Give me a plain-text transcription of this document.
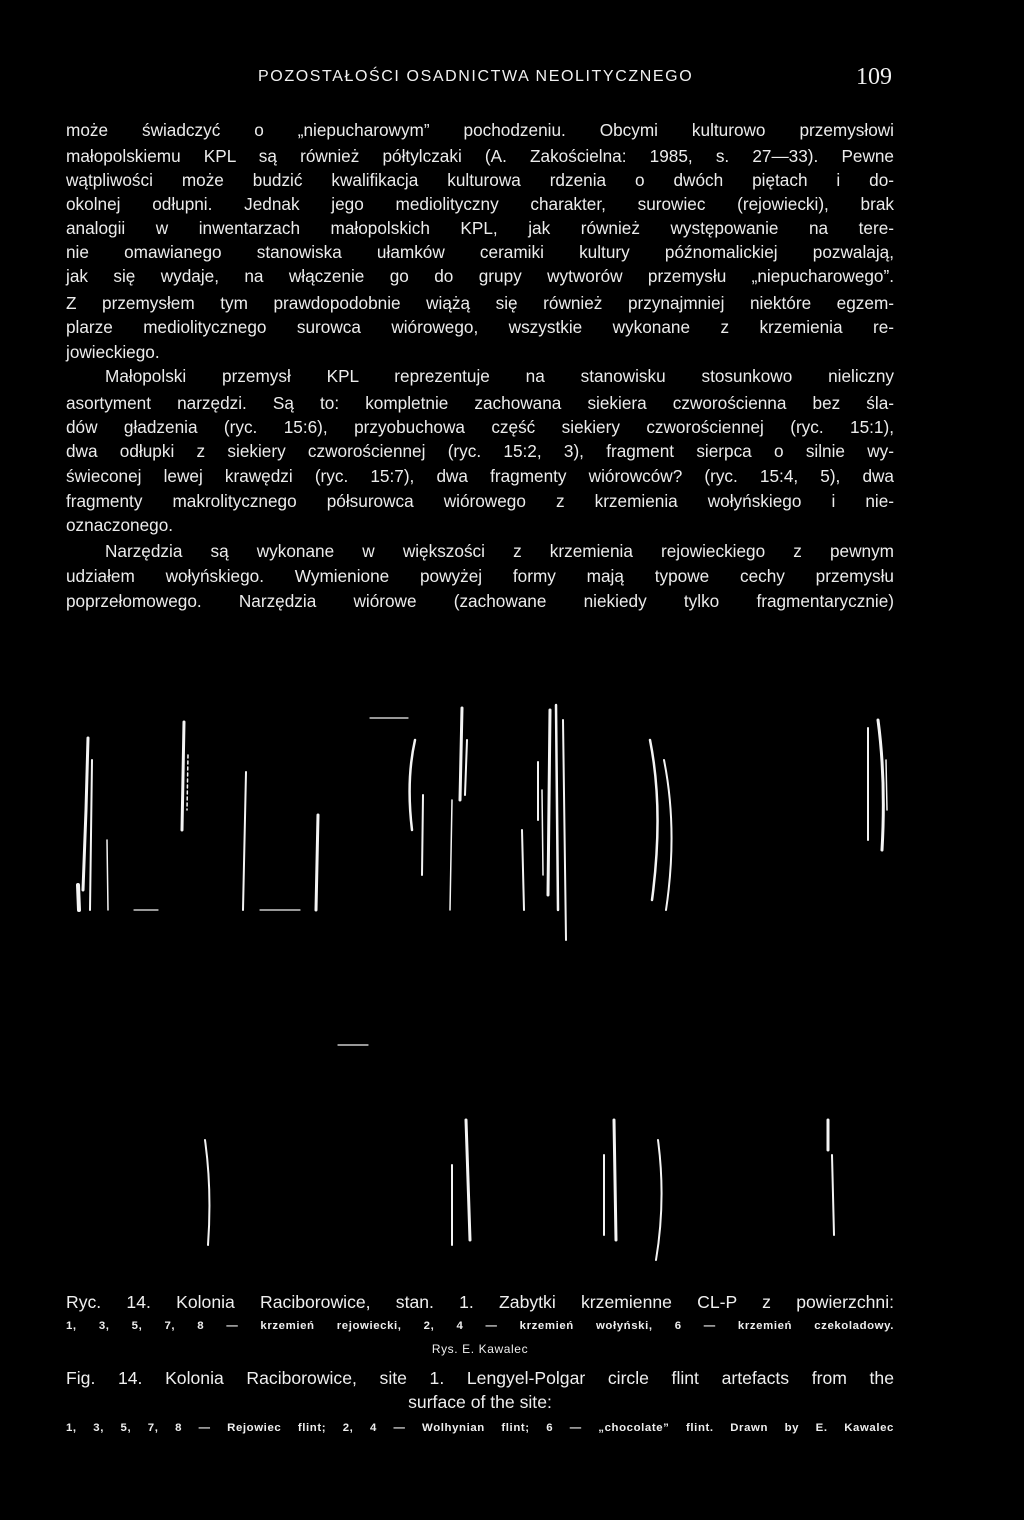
POZOSTAŁOŚCI OSADNICTWA NEOLITYCZNEGO	109

może świadczyć o „niepucharowym” pochodzeniu. Obcymi kulturowo przemysłowi

małopolskiemu KPL są również półtylczaki (A. Zakościelna: 1985, s. 27—33). Pewne

wątpliwości może budzić kwalifikacja kulturowa rdzenia o dwóch piętach i do-

okolnej odłupni. Jednak jego mediolityczny charakter, surowiec (rejowiecki), brak

analogii w inwentarzach małopolskich KPL, jak również występowanie na tere-

nie omawianego stanowiska ułamków ceramiki kultury późnomalickiej pozwalają,

jak się wydaje, na włączenie go do grupy wytworów przemysłu „niepucharowego”.

Z przemysłem tym prawdopodobnie wiążą się również przynajmniej niektóre egzem-

plarze mediolitycznego surowca wiórowego, wszystkie wykonane z krzemienia re-

jowieckiego.

Małopolski przemysł KPL reprezentuje na stanowisku stosunkowo nieliczny

asortyment narzędzi. Są to: kompletnie zachowana siekiera czworościenna bez śla-

dów gładzenia (ryc. 15:6), przyobuchowa część siekiery czworościennej (ryc. 15:1),

dwa odłupki z siekiery czworościennej (ryc. 15:2, 3), fragment sierpca o silnie wy-

świeconej lewej krawędzi (ryc. 15:7), dwa fragmenty wiórowców? (ryc. 15:4, 5), dwa

fragmenty makrolitycznego półsurowca wiórowego z krzemienia wołyńskiego i nie-

oznaczonego.

Narzędzia są wykonane w większości z krzemienia rejowieckiego z pewnym

udziałem wołyńskiego. Wymienione powyżej formy mają typowe cechy przemysłu

poprzełomowego. Narzędzia wiórowe (zachowane niekiedy tylko fragmentarycznie)

Ryc. 14. Kolonia Raciborowice, stan. 1. Zabytki krzemienne CL-P z powierzchni:

1, 3, 5, 7, 8 — krzemień rejowiecki, 2, 4 — krzemień wołyński, 6 — krzemień czekoladowy.

Rys. E. Kawalec

Fig. 14. Kolonia Raciborowice, site 1. Lengyel-Polgar circle flint artefacts from the

surface of the site:

1, 3, 5, 7, 8 — Rejowiec flint; 2, 4 — Wolhynian flint; 6 — „chocolate” flint. Drawn by E. Kawalec
